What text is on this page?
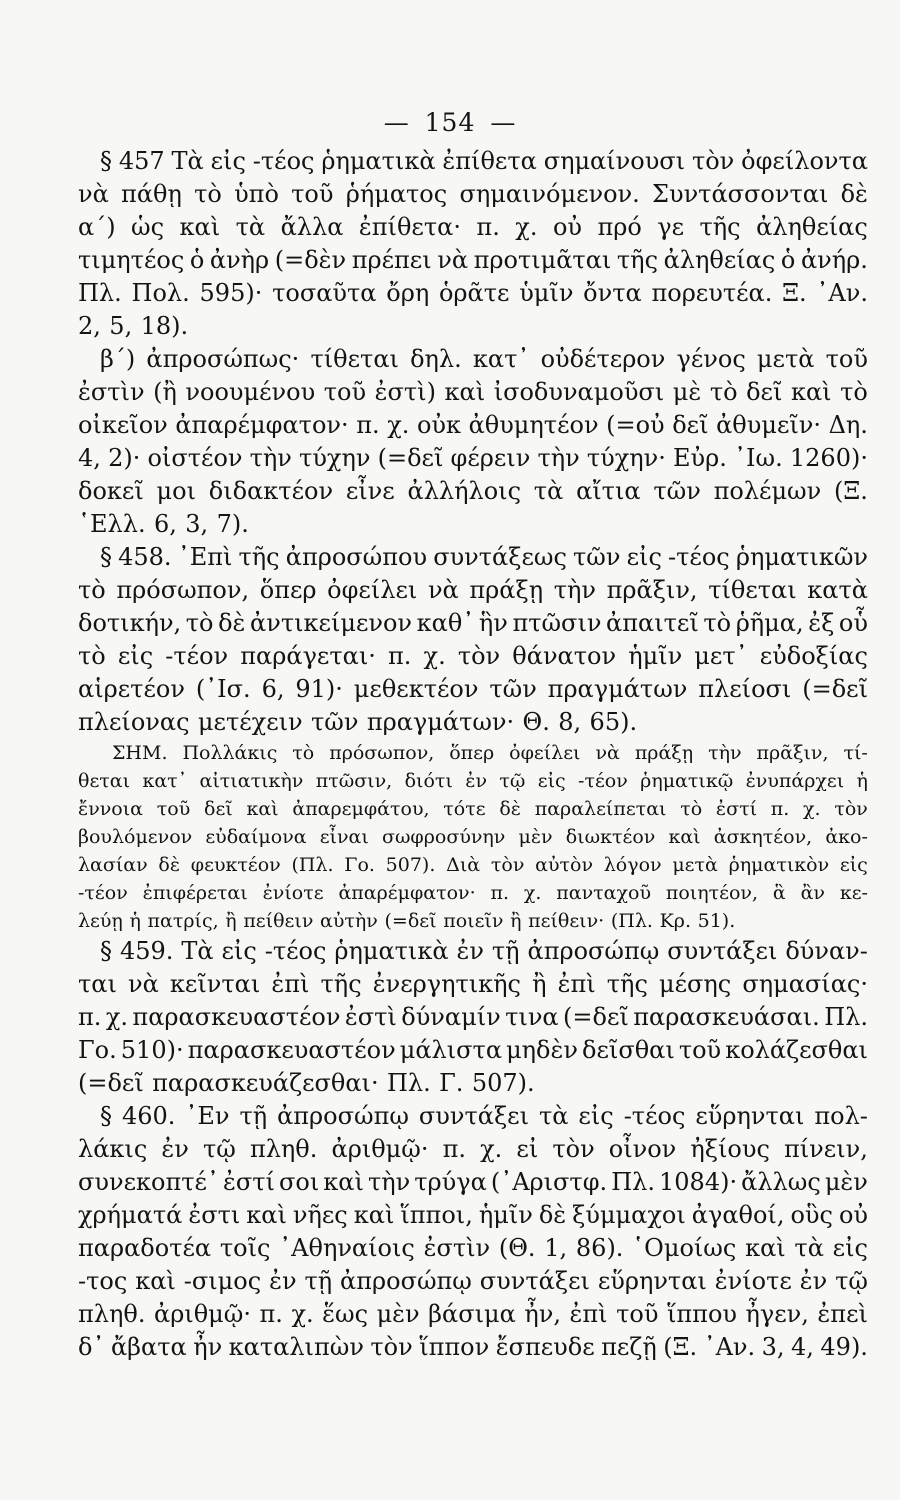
— 154 —
§ 457 Τὰ εἰς -τέος ῥηματικὰ ἐπίθετα σημαίνουσι τὸν ὀφείλοντα
νὰ πάθῃ τὸ ὑπὸ τοῦ ῥήματος σημαινόμενον. Συντάσσονται δὲ
α΄) ὡς καὶ τὰ ἄλλα ἐπίθετα· π. χ. οὐ πρό γε τῆς ἀληθείας
τιμητέος ὁ ἀνὴρ (=δὲν πρέπει νὰ προτιμᾶται τῆς ἀληθείας ὁ ἀνήρ.
Πλ. Πολ. 595)· τοσαῦτα ὄρη ὁρᾶτε ὑμῖν ὄντα πορευτέα. Ξ. ᾿Αν.
2, 5, 18).
β΄) ἀπροσώπως· τίθεται δηλ. κατ᾿ οὐδέτερον γένος μετὰ τοῦ
ἐστὶν (ἢ νοουμένου τοῦ ἐστὶ) καὶ ἰσοδυναμοῦσι μὲ τὸ δεῖ καὶ τὸ
οἰκεῖον ἀπαρέμφατον· π. χ. οὐκ ἀθυμητέον (=οὐ δεῖ ἀθυμεῖν· Δη.
4, 2)· οἰστέον τὴν τύχην (=δεῖ φέρειν τὴν τύχην· Εὐρ. ᾿Ιω. 1260)·
δοκεῖ μοι διδακτέον εἶνε ἀλλήλοις τὰ αἴτια τῶν πολέμων (Ξ.
῾Ελλ. 6, 3, 7).
§ 458. ᾿Επὶ τῆς ἀπροσώπου συντάξεως τῶν εἰς -τέος ῥηματικῶν
τὸ πρόσωπον, ὅπερ ὀφείλει νὰ πράξῃ τὴν πρᾶξιν, τίθεται κατὰ
δοτικήν, τὸ δὲ ἀντικείμενον καθ᾿ ἣν πτῶσιν ἀπαιτεῖ τὸ ῥῆμα, ἐξ οὗ
τὸ εἰς -τέον παράγεται· π. χ. τὸν θάνατον ἡμῖν μετ᾿ εὐδοξίας
αἱρετέον (᾿Ισ. 6, 91)· μεθεκτέον τῶν πραγμάτων πλείοσι (=δεῖ
πλείονας μετέχειν τῶν πραγμάτων· Θ. 8, 65).
ΣΗΜ. Πολλάκις τὸ πρόσωπον, ὅπερ ὀφείλει νὰ πράξῃ τὴν πρᾶξιν, τί-
θεται κατ᾿ αἰτιατικὴν πτῶσιν, διότι ἐν τῷ εἰς -τέον ῥηματικῷ ἐνυπάρχει ἡ
ἔννοια τοῦ δεῖ καὶ ἀπαρεμφάτου, τότε δὲ παραλείπεται τὸ ἐστί π. χ. τὸν
βουλόμενον εὐδαίμονα εἶναι σωφροσύνην μὲν διωκτέον καὶ ἀσκητέον, ἀκο-
λασίαν δὲ φευκτέον (Πλ. Γο. 507). Διὰ τὸν αὐτὸν λόγον μετὰ ῥηματικὸν εἰς
-τέον ἐπιφέρεται ἐνίοτε ἀπαρέμφατον· π. χ. πανταχοῦ ποιητέον, ἃ ἂν κε-
λεύῃ ἡ πατρίς, ἢ πείθειν αὐτὴν (=δεῖ ποιεῖν ἢ πείθειν· (Πλ. Κρ. 51).
§ 459. Τὰ εἰς -τέος ῥηματικὰ ἐν τῇ ἀπροσώπῳ συντάξει δύναν-
ται νὰ κεῖνται ἐπὶ τῆς ἐνεργητικῆς ἢ ἐπὶ τῆς μέσης σημασίας·
π. χ. παρασκευαστέον ἐστὶ δύναμίν τινα (=δεῖ παρασκευάσαι. Πλ.
Γο. 510)· παρασκευαστέον μάλιστα μηδὲν δεῖσθαι τοῦ κολάζεσθαι
(=δεῖ παρασκευάζεσθαι· Πλ. Γ. 507).
§ 460. ᾿Εν τῇ ἀπροσώπῳ συντάξει τὰ εἰς -τέος εὕρηνται πολ-
λάκις ἐν τῷ πληθ. ἀριθμῷ· π. χ. εἰ τὸν οἶνον ἠξίους πίνειν,
συνεκοπτέ᾿ ἐστί σοι καὶ τὴν τρύγα (᾿Αριστφ. Πλ. 1084)· ἄλλως μὲν
χρήματά ἐστι καὶ νῆες καὶ ἵπποι, ἡμῖν δὲ ξύμμαχοι ἀγαθοί, οὓς οὐ
παραδοτέα τοῖς ᾿Αθηναίοις ἐστὶν (Θ. 1, 86). ῾Ομοίως καὶ τὰ εἰς
-τος καὶ -σιμος ἐν τῇ ἀπροσώπῳ συντάξει εὕρηνται ἐνίοτε ἐν τῷ
πληθ. ἀριθμῷ· π. χ. ἕως μὲν βάσιμα ἦν, ἐπὶ τοῦ ἵππου ἦγεν, ἐπεὶ
δ᾿ ἄβατα ἦν καταλιπὼν τὸν ἵππον ἔσπευδε πεζῇ (Ξ. ᾿Αν. 3, 4, 49).
